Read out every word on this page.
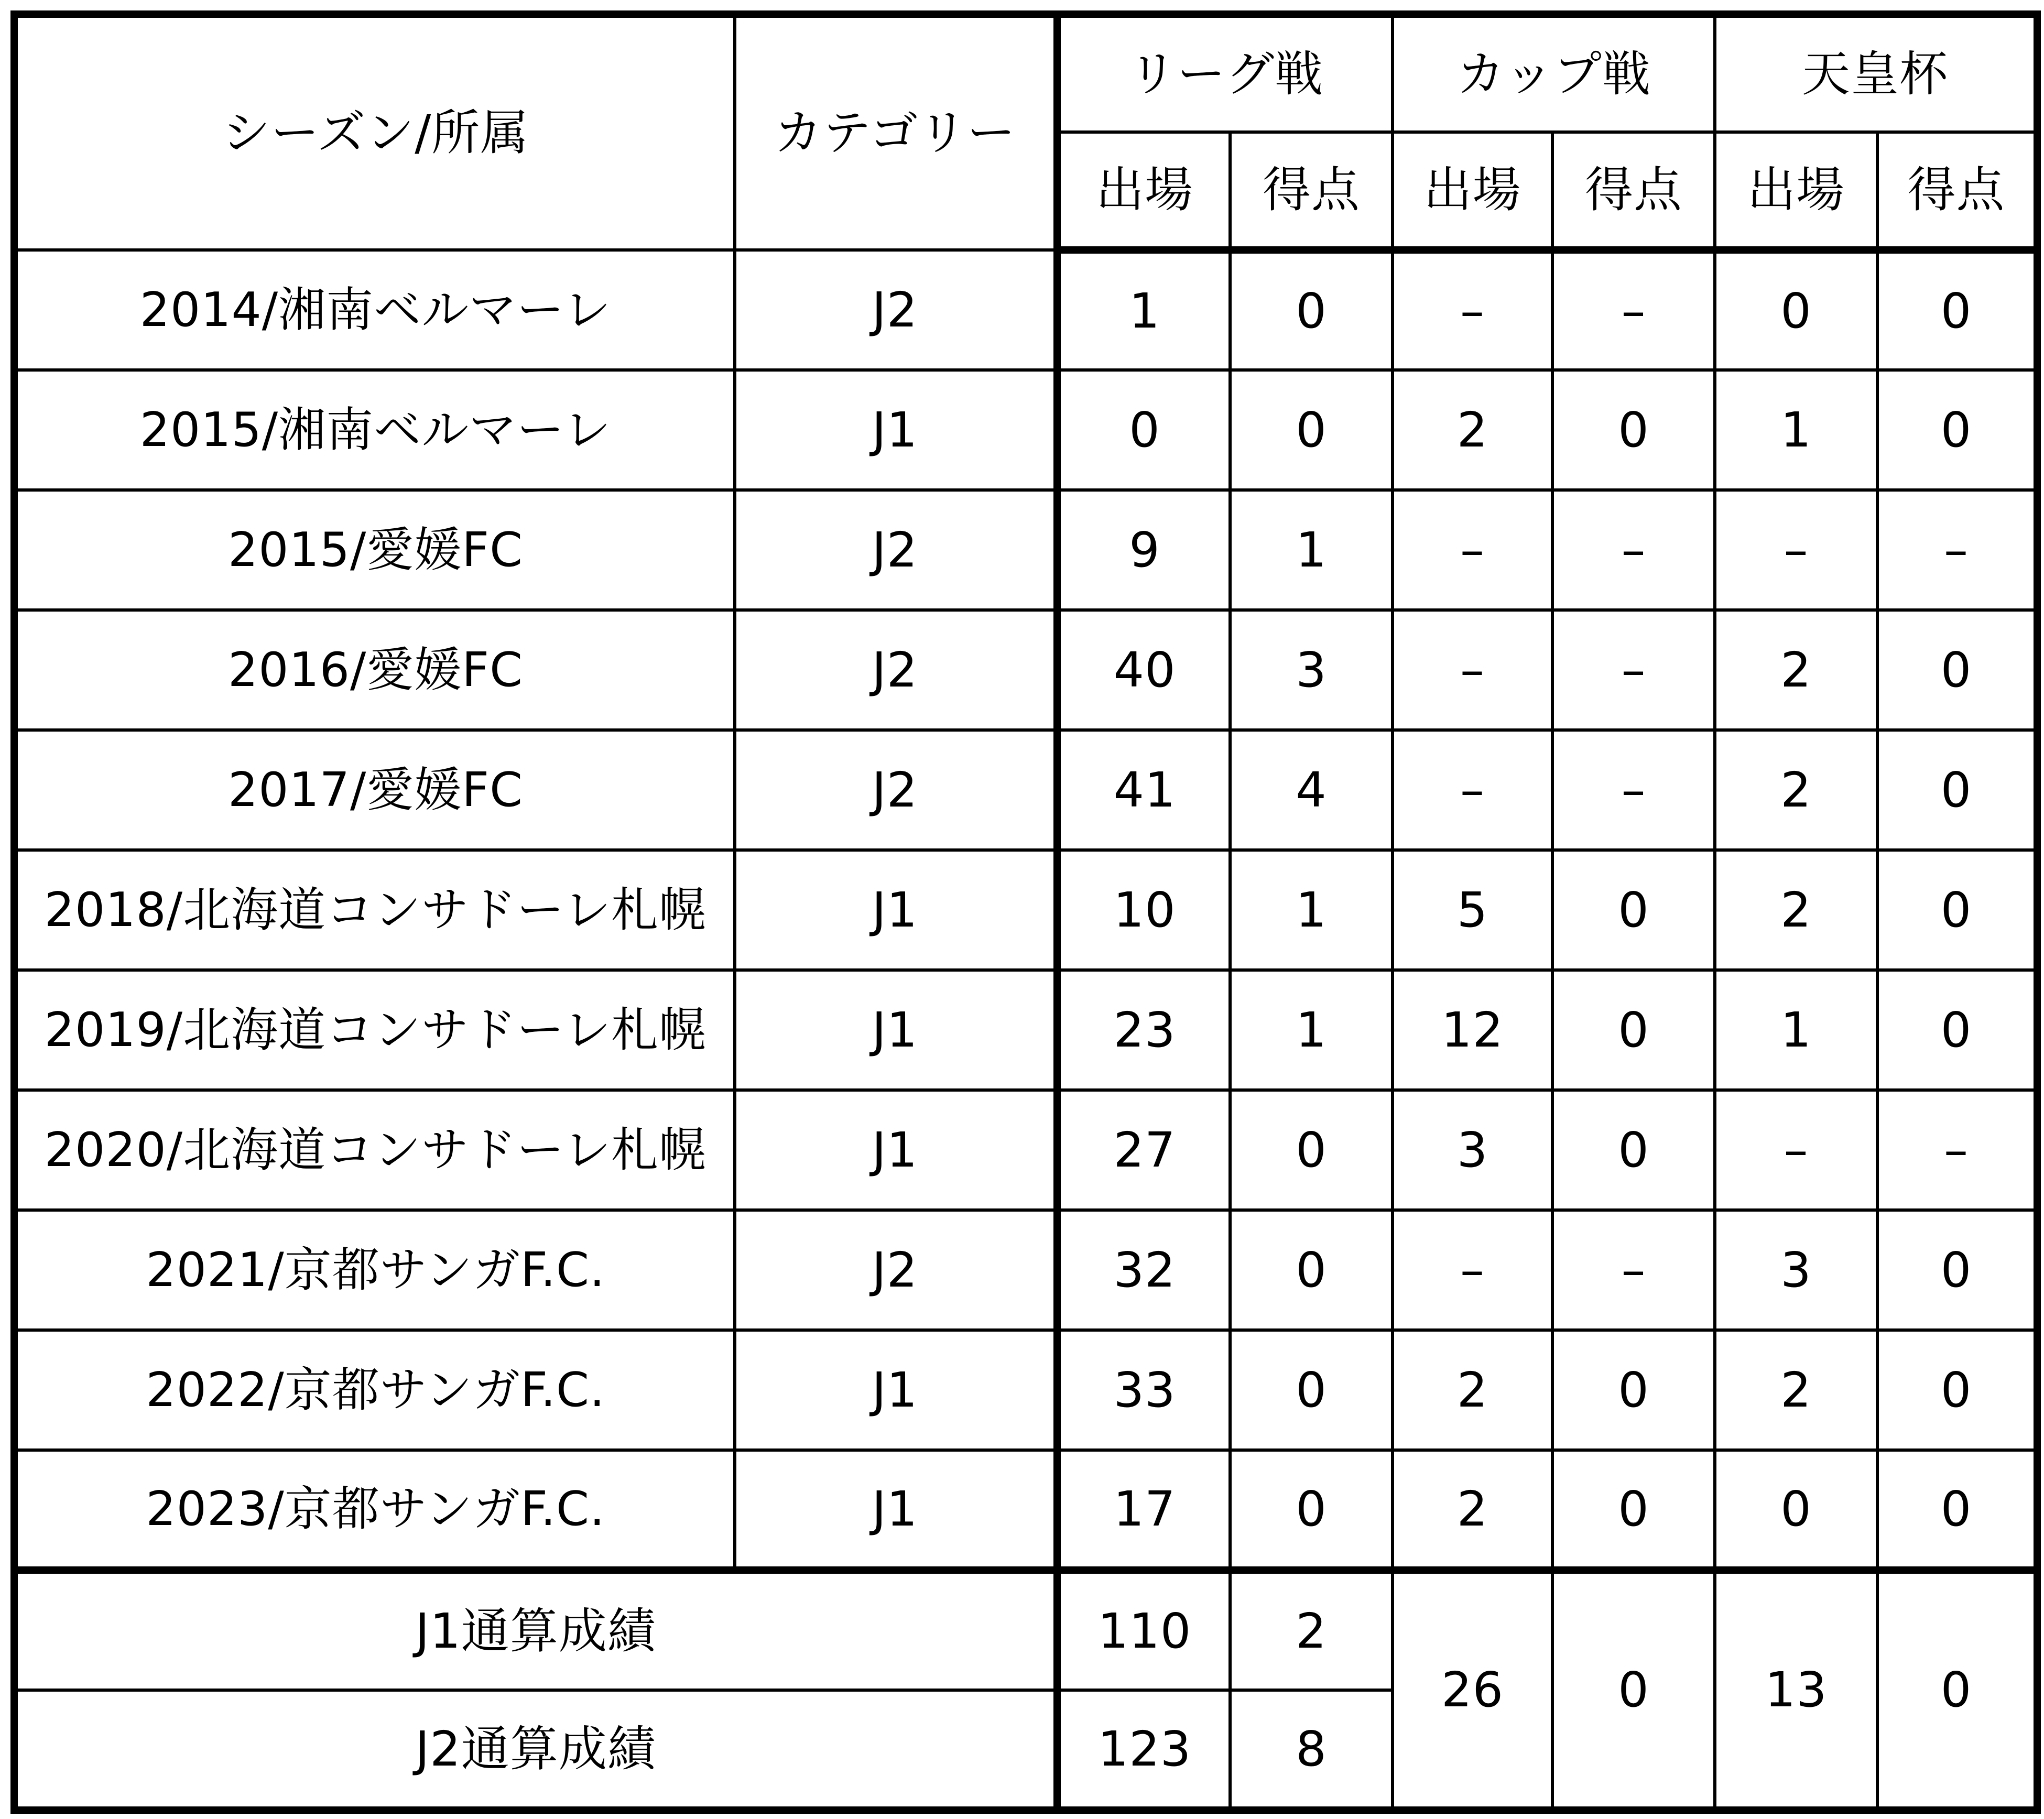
シーズン/所属	カテゴリー	リーグ戦		カップ戦		天皇杯	
		出場	得点	出場	得点	出場	得点
2014/湘南ベルマーレ	J2	1	0	–	–	0	0
2015/湘南ベルマーレ	J1	0	0	2	0	1	0
2015/愛媛FC	J2	9	1	–	–	–	–
2016/愛媛FC	J2	40	3	–	–	2	0
2017/愛媛FC	J2	41	4	–	–	2	0
2018/北海道コンサドーレ札幌	J1	10	1	5	0	2	0
2019/北海道コンサドーレ札幌	J1	23	1	12	0	1	0
2020/北海道コンサドーレ札幌	J1	27	0	3	0	–	–
2021/京都サンガF.C.	J2	32	0	–	–	3	0
2022/京都サンガF.C.	J1	33	0	2	0	2	0
2023/京都サンガF.C.	J1	17	0	2	0	0	0
J1通算成績		110	2	26	0	13	0
J2通算成績		123	8				
